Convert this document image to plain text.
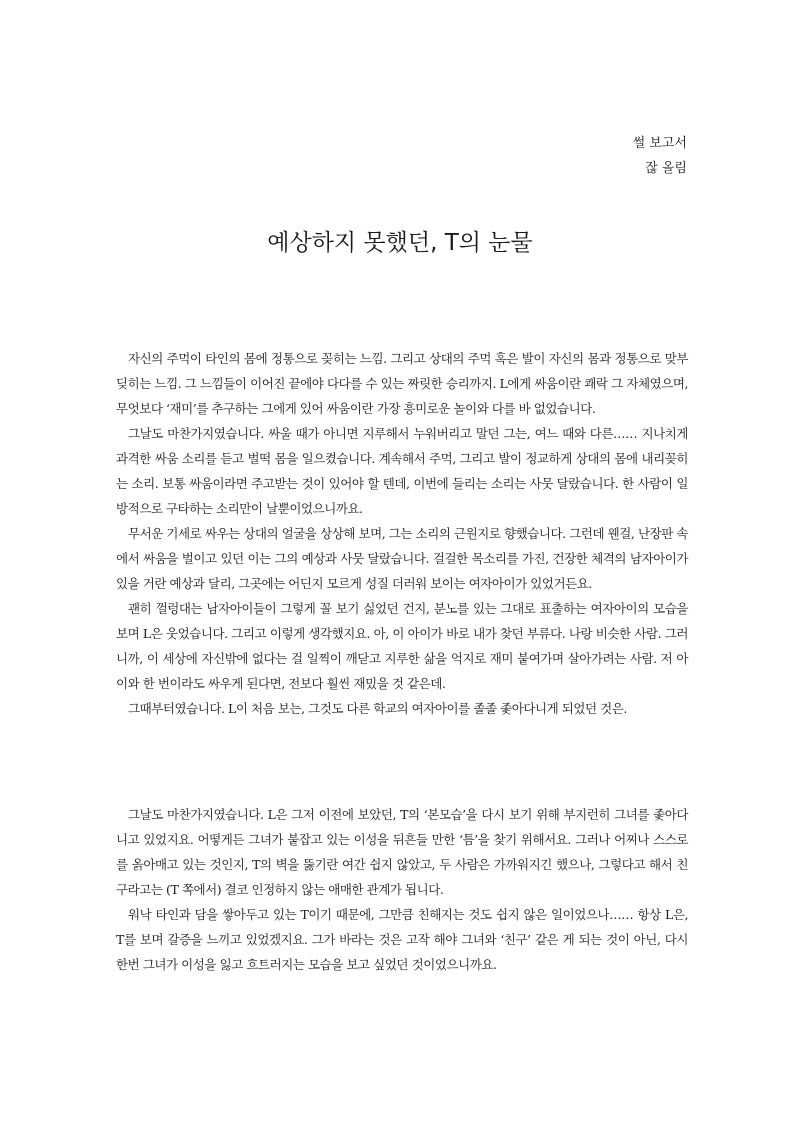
썰 보고서
잖 올림
예상하지 못했던, T의 눈물

자신의 주먹이 타인의 몸에 정통으로 꽂히는 느낌. 그리고 상대의 주먹 혹은 발이 자신의 몸과 정통으로 맞부딪히는 느낌. 그 느낌들이 이어진 끝에야 다다를 수 있는 짜릿한 승리까지. L에게 싸움이란 쾌락 그 자체였으며, 무엇보다 ‘재미’를 추구하는 그에게 있어 싸움이란 가장 흥미로운 놀이와 다를 바 없었습니다.

그날도 마찬가지였습니다. 싸울 때가 아니면 지루해서 누워버리고 말던 그는, 여느 때와 다른…… 지나치게 과격한 싸움 소리를 듣고 벌떡 몸을 일으켰습니다. 계속해서 주먹, 그리고 발이 정교하게 상대의 몸에 내리꽂히는 소리. 보통 싸움이라면 주고받는 것이 있어야 할 텐데, 이번에 들리는 소리는 사뭇 달랐습니다. 한 사람이 일방적으로 구타하는 소리만이 날뿐이었으니까요.

무서운 기세로 싸우는 상대의 얼굴을 상상해 보며, 그는 소리의 근원지로 향했습니다. 그런데 웬걸, 난장판 속에서 싸움을 벌이고 있던 이는 그의 예상과 사뭇 달랐습니다. 걸걸한 목소리를 가진, 건장한 체격의 남자아이가 있을 거란 예상과 달리, 그곳에는 어딘지 모르게 성질 더러워 보이는 여자아이가 있었거든요.

괜히 껄렁대는 남자아이들이 그렇게 꼴 보기 싫었던 건지, 분노를 있는 그대로 표출하는 여자아이의 모습을 보며 L은 웃었습니다. 그리고 이렇게 생각했지요. 아, 이 아이가 바로 내가 찾던 부류다. 나랑 비슷한 사람. 그러니까, 이 세상에 자신밖에 없다는 걸 일찍이 깨닫고 지루한 삶을 억지로 재미 붙여가며 살아가려는 사람. 저 아이와 한 번이라도 싸우게 된다면, 전보다 훨씬 재밌을 것 같은데.

그때부터였습니다. L이 처음 보는, 그것도 다른 학교의 여자아이를 졸졸 좇아다니게 되었던 것은.

그날도 마찬가지였습니다. L은 그저 이전에 보았던, T의 ‘본모습’을 다시 보기 위해 부지런히 그녀를 좇아다니고 있었지요. 어떻게든 그녀가 붙잡고 있는 이성을 뒤흔들 만한 ‘틈’을 찾기 위해서요. 그러나 어찌나 스스로를 옭아매고 있는 것인지, T의 벽을 뚫기란 여간 쉽지 않았고, 두 사람은 가까워지긴 했으나, 그렇다고 해서 친구라고는 (T 쪽에서) 결코 인정하지 않는 애매한 관계가 됩니다.

워낙 타인과 담을 쌓아두고 있는 T이기 때문에, 그만큼 친해지는 것도 쉽지 않은 일이었으나…… 항상 L은, T를 보며 갈증을 느끼고 있었겠지요. 그가 바라는 것은 고작 해야 그녀와 ‘친구’ 같은 게 되는 것이 아닌, 다시 한번 그녀가 이성을 잃고 흐트러지는 모습을 보고 싶었던 것이었으니까요.
